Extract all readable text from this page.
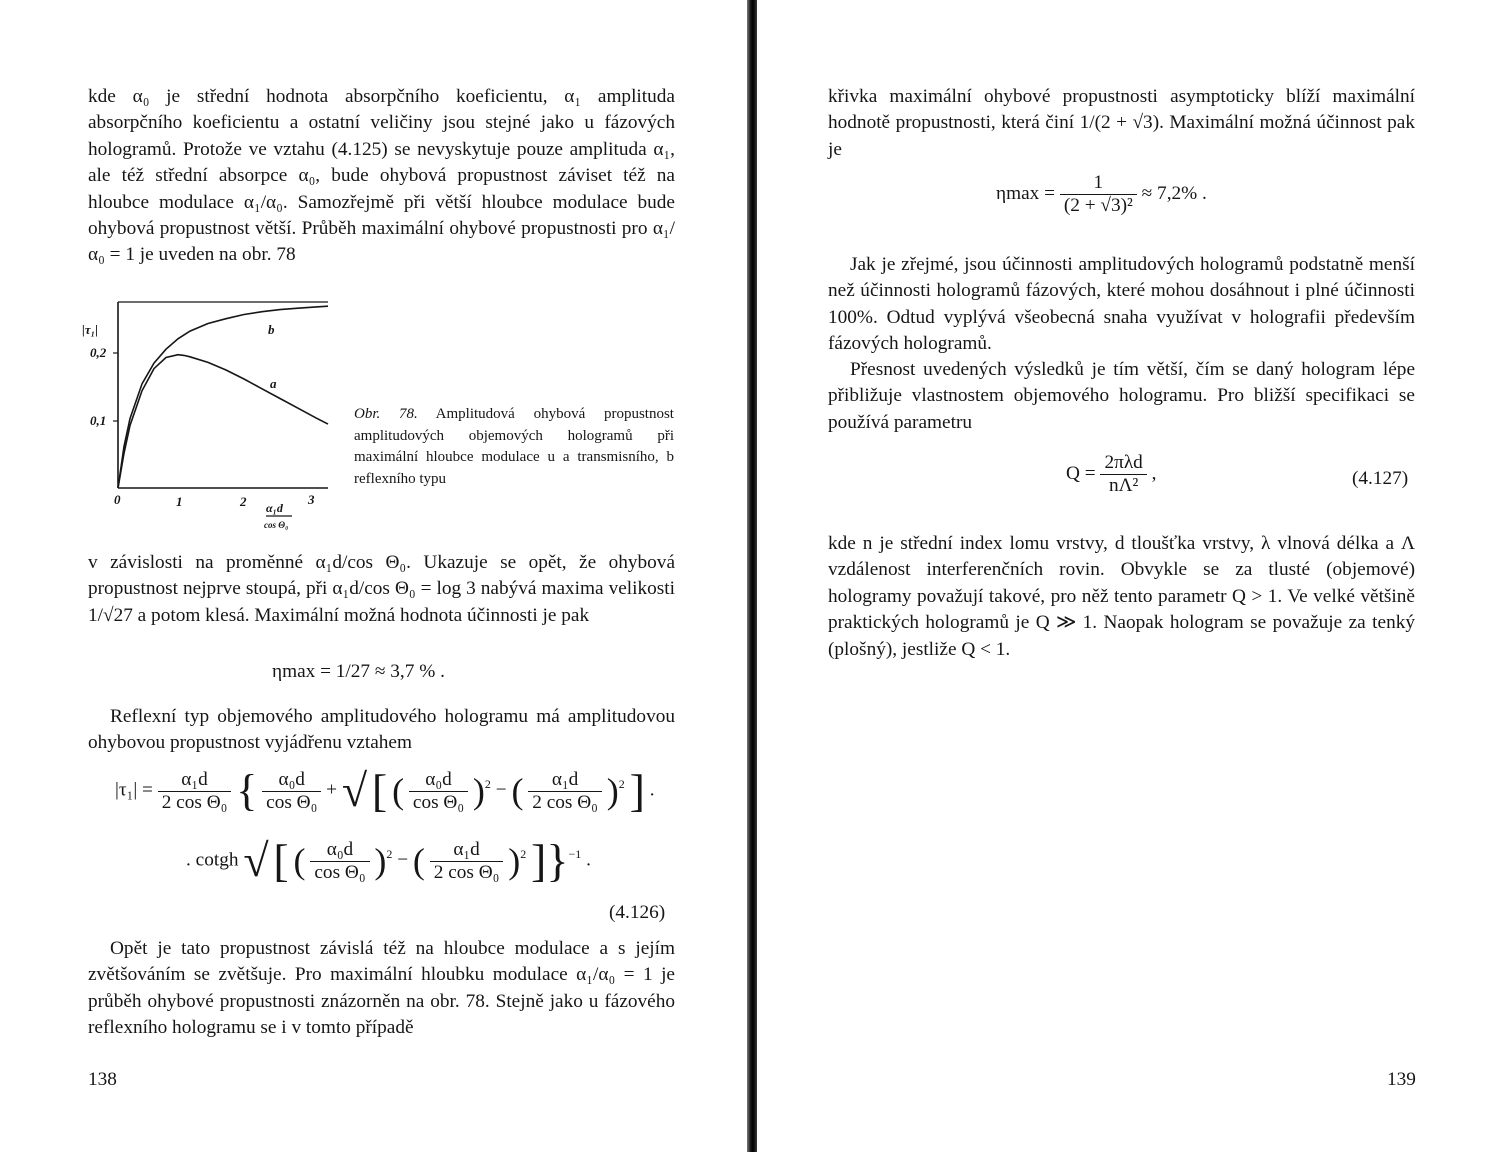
kde α₀ je střední hodnota absorpčního koeficientu, α₁ amplituda absorpčního koeficientu a ostatní veličiny jsou stejné jako u fázových hologramů. Protože ve vztahu (4.125) se nevyskytuje pouze amplituda α₁, ale též střední absorpce α₀, bude ohybová propustnost záviset též na hloubce modulace α₁/α₀. Samozřejmě při větší hloubce modulace bude ohybová propustnost větší. Průběh maximální ohybové propustnosti pro α₁/α₀ = 1 je uveden na obr. 78

|τ₁|
0,2
0,1
0	1	2	3
α₁d
cos Θ₀
b
a

Obr. 78. Amplitudová ohybová propustnost amplitudových objemových hologramů při maximální hloubce modulace u a transmisního, b reflexního typu

v závislosti na proměnné α₁d/cos Θ₀. Ukazuje se opět, že ohybová propustnost nejprve stoupá, při α₁d/cos Θ₀ = log 3 nabývá maxima velikosti 1/√27 a potom klesá. Maximální možná hodnota účinnosti je pak

ηmax = 1/27 ≈ 3,7 % .

Reflexní typ objemového amplitudového hologramu má amplitudovou ohybovou propustnost vyjádřenu vztahem

$|\tau_1| = \frac{\text{α₁d}}{\text{2 cos Θ₀}}$ { $\frac{\text{α₀d}}{\text{cos Θ₀}}$ + √ [ ( $\frac{\text{α₀d}}{\text{cos Θ₀}} )^2$ − ( $\frac{\text{α₁d}}{\text{2 cos Θ₀}} )^2$ ] .
. cotgh √ [ ( $\frac{\text{α₀d}}{\text{cos Θ₀}} )^2$ − ( $\frac{\text{α₁d}}{\text{2 cos Θ₀}} )^2$ ]}$^{-1}$ .
(4.126)

Opět je tato propustnost závislá též na hloubce modulace a s jejím zvětšováním se zvětšuje. Pro maximální hloubku modulace α₁/α₀ = 1 je průběh ohybové propustnosti znázorněn na obr. 78. Stejně jako u fázového reflexního hologramu se i v tomto případě

138

křivka maximální ohybové propustnosti asymptoticky blíží maximální hodnotě propustnosti, která činí 1/(2 + √3). Maximální možná účinnost pak je

$\eta\max = \frac{1}{\text{(2 + √3)²}} \approx 7,2\%$ .

Jak je zřejmé, jsou účinnosti amplitudových hologramů podstatně menší než účinnosti hologramů fázových, které mohou dosáhnout i plné účinnosti 100%. Odtud vyplývá všeobecná snaha využívat v holografii především fázových hologramů.

Přesnost uvedených výsledků je tím větší, čím se daný hologram lépe přibližuje vlastnostem objemového hologramu. Pro bližší specifikaci se používá parametru

$Q = \frac{\text{2πλd}}{\text{nΛ²}}$ ,	(4.127)

kde n je střední index lomu vrstvy, d tloušťka vrstvy, λ vlnová délka a Λ vzdálenost interferenčních rovin. Obvykle se za tlusté (objemové) hologramy považují takové, pro něž tento parametr Q > 1. Ve velké většině praktických hologramů je Q ≫ 1. Naopak hologram se považuje za tenký (plošný), jestliže Q < 1.

139
